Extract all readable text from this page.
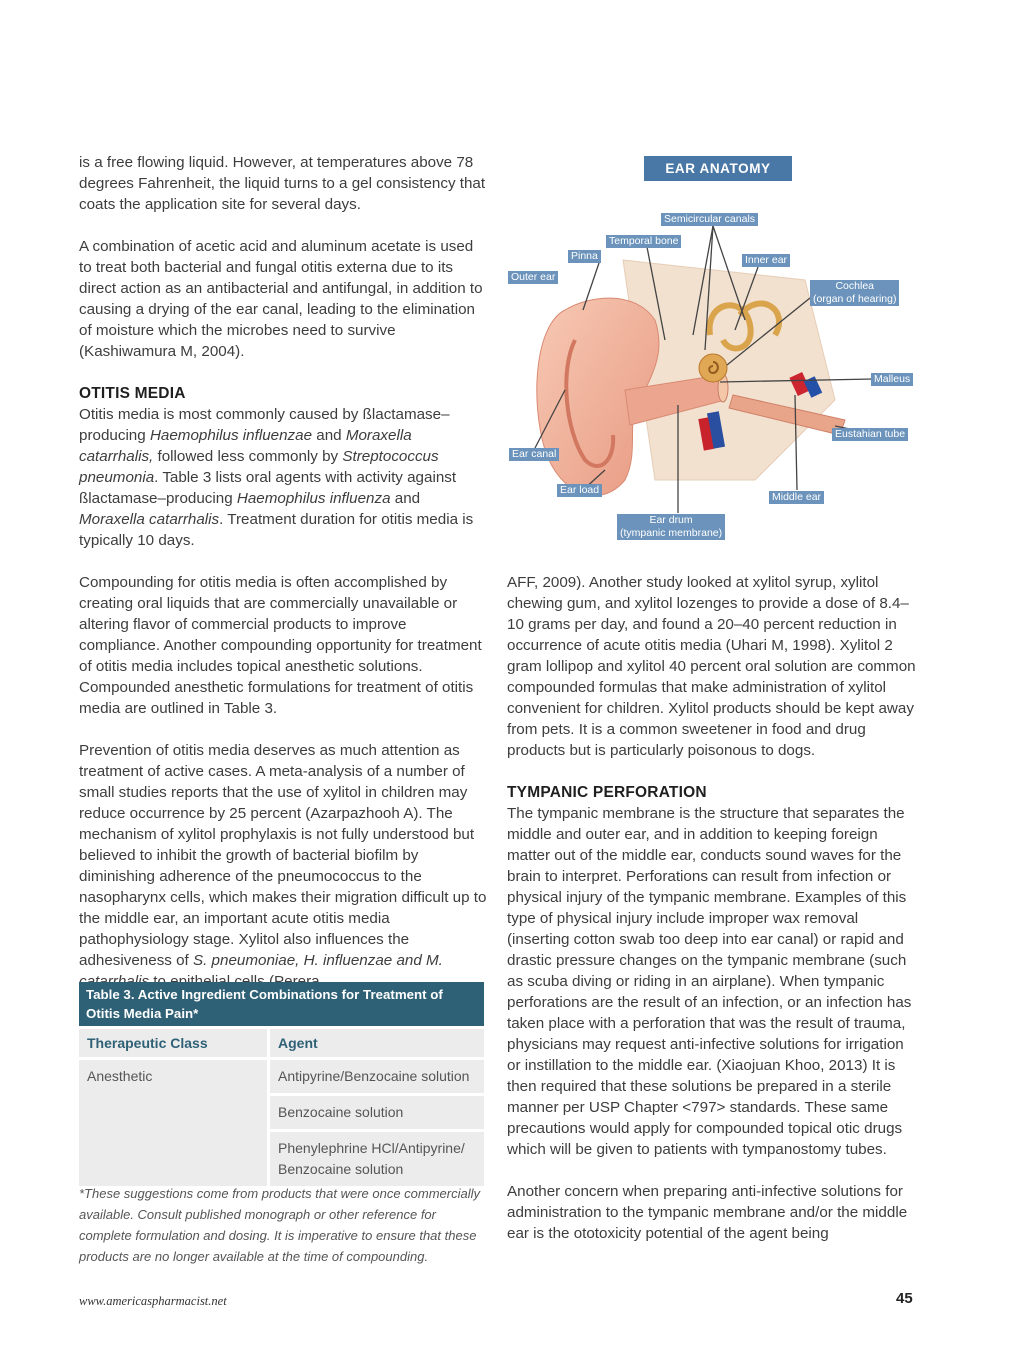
is a free flowing liquid. However, at temperatures above 78 degrees Fahrenheit, the liquid turns to a gel consistency that coats the application site for several days.

A combination of acetic acid and aluminum acetate is used to treat both bacterial and fungal otitis externa due to its direct action as an antibacterial and antifungal, in addition to causing a drying of the ear canal, leading to the elimination of moisture which the microbes need to survive (Kashiwamura M, 2004).

OTITIS MEDIA

Otitis media is most commonly caused by ßlactamase–producing Haemophilus influenzae and Moraxella catarrhalis, followed less commonly by Streptococcus pneumonia. Table 3 lists oral agents with activity against ßlactamase–producing Haemophilus influenza and Moraxella catarrhalis. Treatment duration for otitis media is typically 10 days.

Compounding for otitis media is often accomplished by creating oral liquids that are commercially unavailable or altering flavor of commercial products to improve compliance. Another compounding opportunity for treatment of otitis media includes topical anesthetic solutions. Compounded anesthetic formulations for treatment of otitis media are outlined in Table 3.

Prevention of otitis media deserves as much attention as treatment of active cases. A meta-analysis of a number of small studies reports that the use of xylitol in children may reduce occurrence by 25 percent (Azarpazhooh A). The mechanism of xylitol prophylaxis is not fully understood but believed to inhibit the growth of bacterial biofilm by diminishing adherence of the pneumococcus to the nasopharynx cells, which makes their migration difficult up to the middle ear, an important acute otitis media pathophysiology stage. Xylitol also influences the adhesiveness of S. pneumoniae, H. influenzae and M.

EAR ANATOMY
Semicircular canals
Temporal bone
Pinna	Inner ear
Outer ear
Cochlea
(organ of hearing)
Malleus
Eustahian tube
Ear canal
Ear load
Middle ear
Ear drum
(tympanic membrane)

AFF, 2009). Another study looked at xylitol syrup, xylitol chewing gum, and xylitol lozenges to provide a dose of 8.4–10 grams per day, and found a 20–40 percent reduction in occurrence of acute otitis media (Uhari M, 1998). Xylitol 2 gram lollipop and xylitol 40 percent oral solution are common compounded formulas that make administration of xylitol convenient for children. Xylitol products should be kept away from pets. It is a common sweetener in food and drug products but is particularly poisonous to dogs.

TYMPANIC PERFORATION

The tympanic membrane is the structure that separates the middle and outer ear, and in addition to keeping foreign matter out of the middle ear, conducts sound waves for the brain to interpret. Perforations can result from infection or physical injury of the tympanic membrane. Examples of this type of physical injury include improper wax removal (inserting cotton swab too deep into ear canal) or rapid and drastic pressure changes on the tympanic membrane (such as scuba diving or riding in an airplane). When tympanic perforations are the result of an infection, or an infection has taken place with a perforation that was the result of trauma, physicians may request anti-infective solutions for irrigation or instillation to the middle ear. (Xiaojuan Khoo, 2013) It is then required that these solutions be prepared in a sterile manner per USP Chapter <797> standards. These same precautions would apply for compounded topical otic drugs which will be given to patients with tympanostomy tubes.

Another concern when preparing anti-infective solutions for administration to the tympanic membrane and/or the middle ear is the ototoxicity potential of the agent being

Table 3. Active Ingredient Combinations for Treatment of Otitis Media Pain*	
Therapeutic Class	Agent
Anesthetic	Antipyrine/Benzocaine solution
	Benzocaine solution
	Phenylephrine HCl/Antipyrine/ Benzocaine solution
*These suggestions come from products that were once commercially available. Consult published monograph or other reference for complete formulation and dosing. It is imperative to ensure that these products are no longer available at the time of compounding.
www.americaspharmacist.net	45
